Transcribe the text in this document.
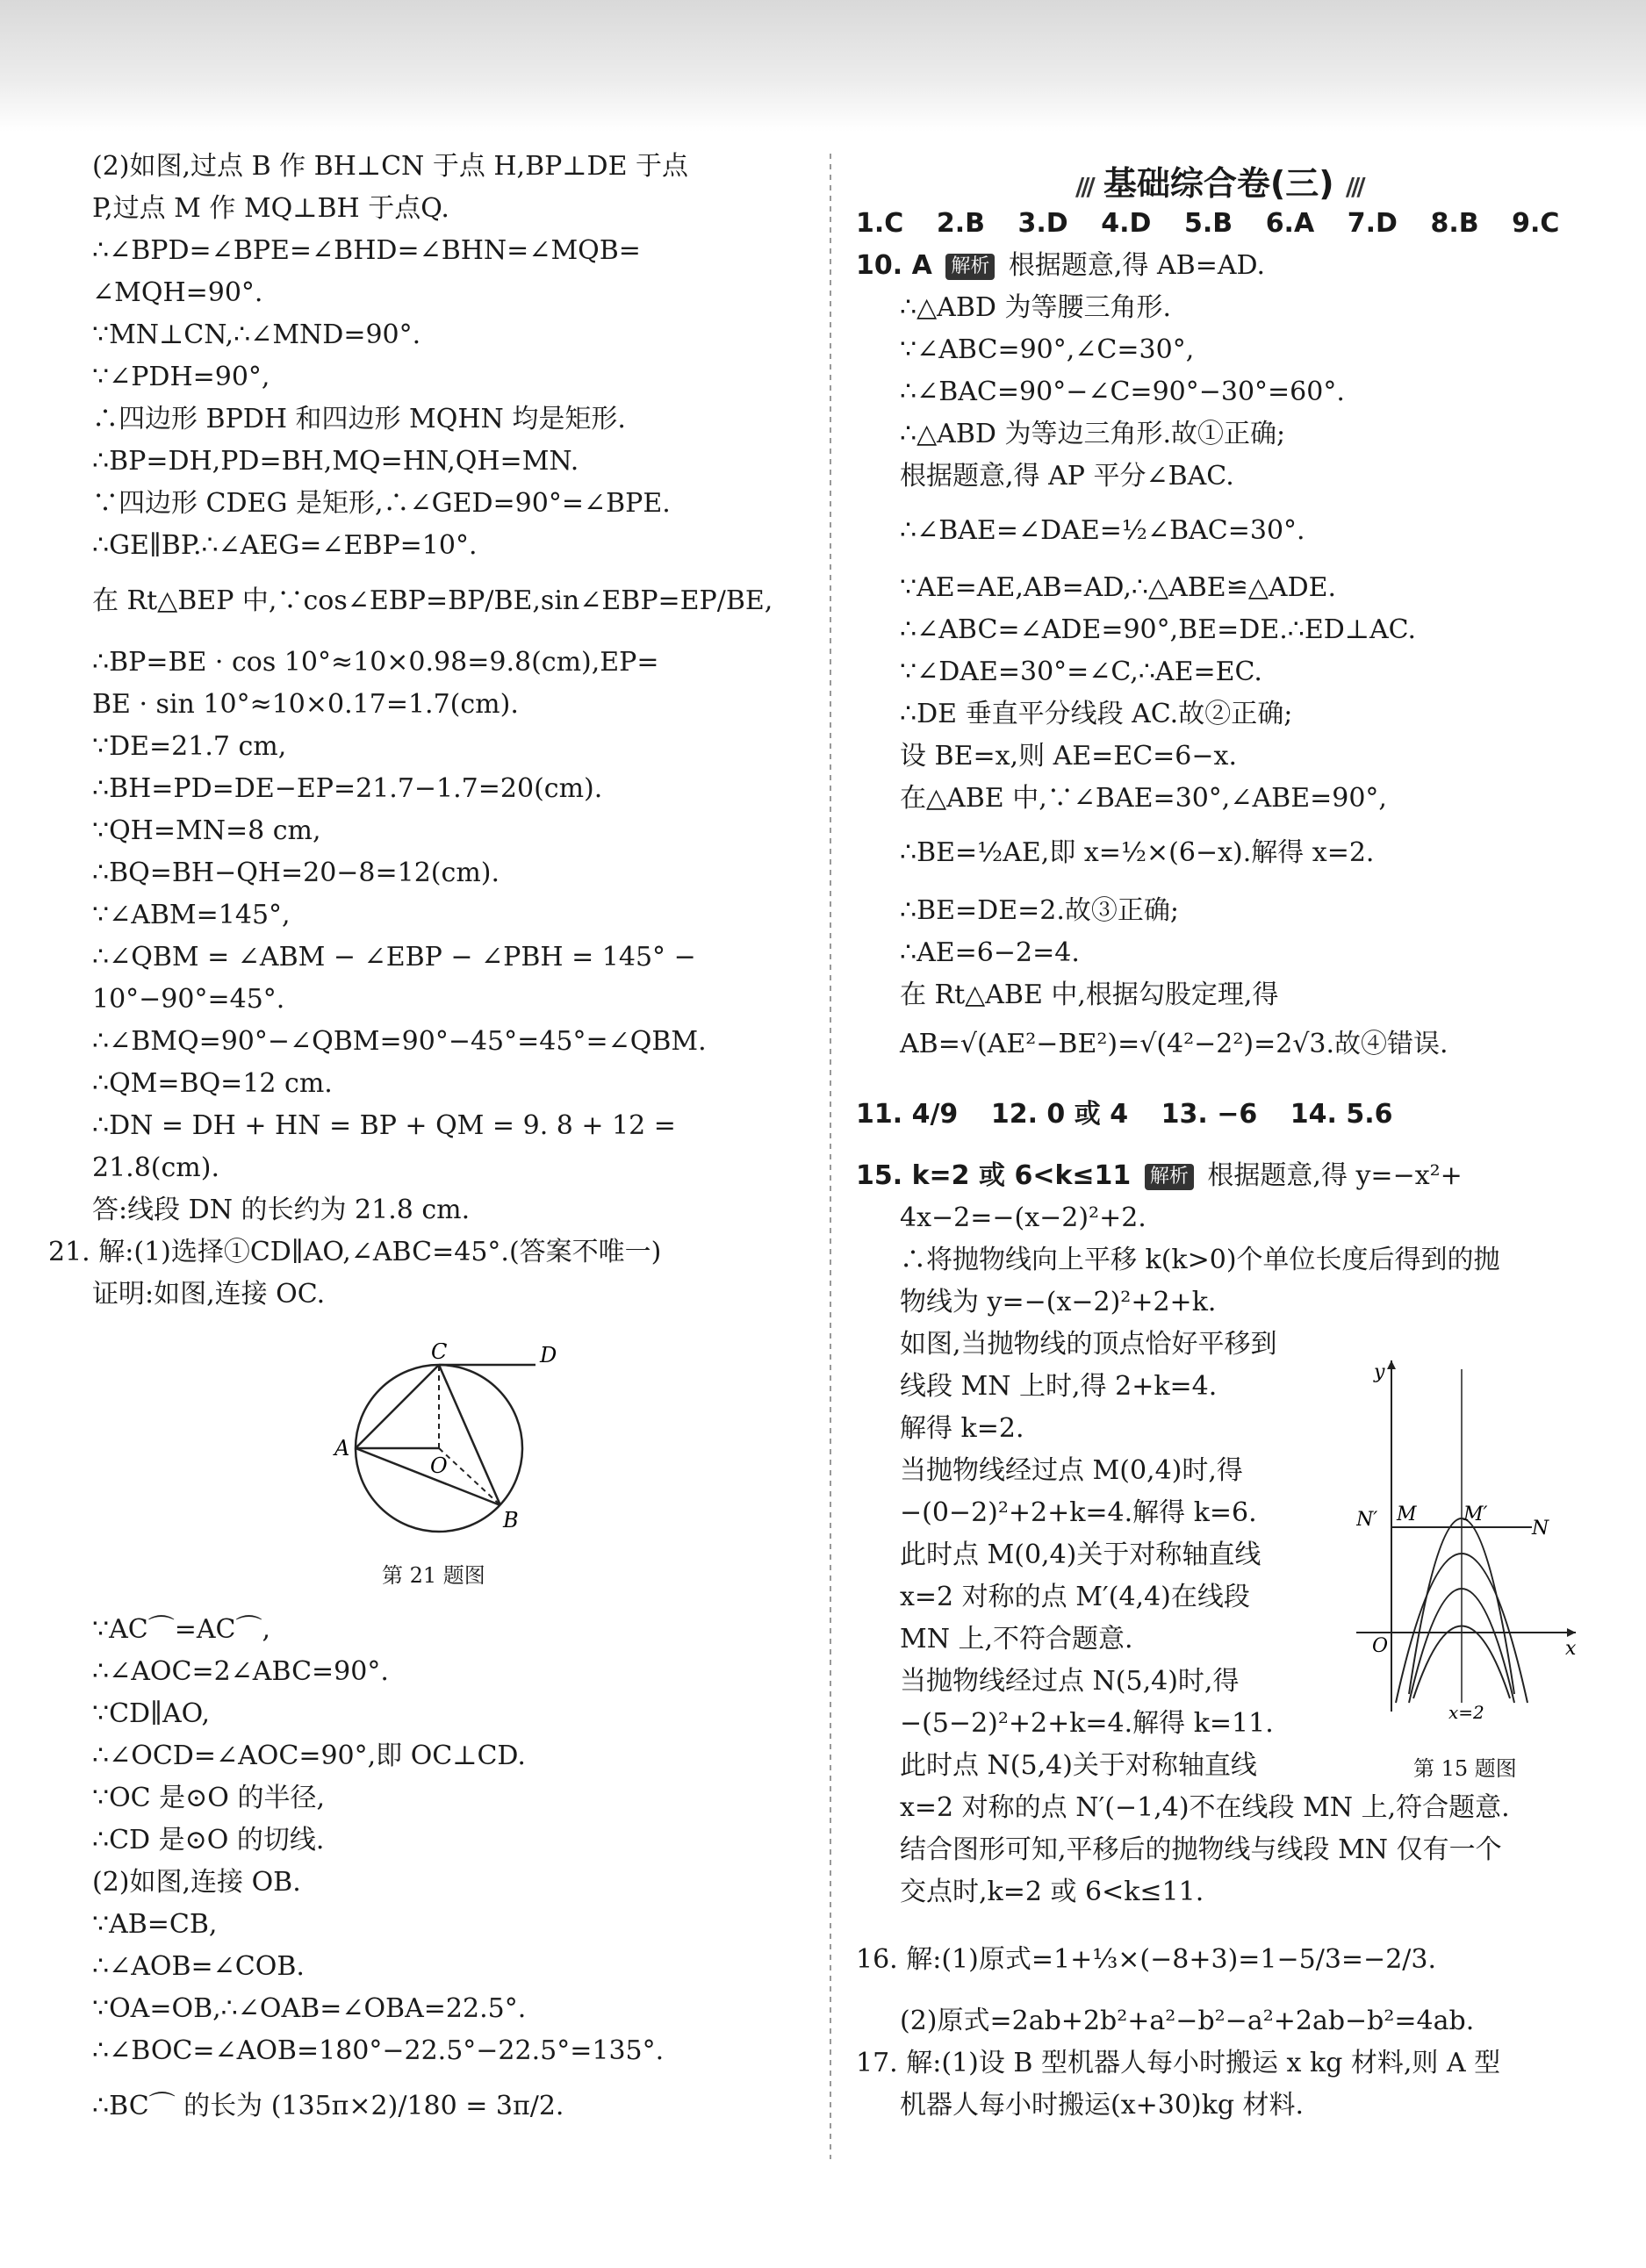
(2)如图,过点 B 作 BH⊥CN 于点 H,BP⊥DE 于点
P,过点 M 作 MQ⊥BH 于点Q.
∴∠BPD=∠BPE=∠BHD=∠BHN=∠MQB=
∠MQH=90°.
∵MN⊥CN,∴∠MND=90°.
∵∠PDH=90°,
∴四边形 BPDH 和四边形 MQHN 均是矩形.
∴BP=DH,PD=BH,MQ=HN,QH=MN.
∵四边形 CDEG 是矩形,∴∠GED=90°=∠BPE.
∴GE∥BP.∴∠AEG=∠EBP=10°.
在 Rt△BEP 中,∵cos∠EBP=BP/BE,sin∠EBP=EP/BE,
∴BP=BE · cos 10°≈10×0.98=9.8(cm),EP=
BE · sin 10°≈10×0.17=1.7(cm).
∵DE=21.7 cm,
∴BH=PD=DE−EP=21.7−1.7=20(cm).
∵QH=MN=8 cm,
∴BQ=BH−QH=20−8=12(cm).
∵∠ABM=145°,
∴∠QBM = ∠ABM − ∠EBP − ∠PBH = 145° −
10°−90°=45°.
∴∠BMQ=90°−∠QBM=90°−45°=45°=∠QBM.
∴QM=BQ=12 cm.
∴DN = DH + HN = BP + QM = 9. 8 + 12 =
21.8(cm).
答:线段 DN 的长约为 21.8 cm.
21. 解:(1)选择①CD∥AO,∠ABC=45°.(答案不唯一)
证明:如图,连接 OC.
C	D
A
O
B
第 21 题图
∵AC⌒=AC⌒,
∴∠AOC=2∠ABC=90°.
∵CD∥AO,
∴∠OCD=∠AOC=90°,即 OC⊥CD.
∵OC 是⊙O 的半径,
∴CD 是⊙O 的切线.
(2)如图,连接 OB.
∵AB=CB,
∴∠AOB=∠COB.
∵OA=OB,∴∠OAB=∠OBA=22.5°.
∴∠BOC=∠AOB=180°−22.5°−22.5°=135°.
∴BC⌒ 的长为 (135π×2)/180 = 3π/2.
/// 基础综合卷(三) ///
1.C 2.B 3.D 4.D 5.B 6.A 7.D 8.B 9.C
10. A 解析 根据题意,得 AB=AD.
∴△ABD 为等腰三角形.
∵∠ABC=90°,∠C=30°,
∴∠BAC=90°−∠C=90°−30°=60°.
∴△ABD 为等边三角形.故①正确;
根据题意,得 AP 平分∠BAC.
∴∠BAE=∠DAE=½∠BAC=30°.
∵AE=AE,AB=AD,∴△ABE≌△ADE.
∴∠ABC=∠ADE=90°,BE=DE.∴ED⊥AC.
∵∠DAE=30°=∠C,∴AE=EC.
∴DE 垂直平分线段 AC.故②正确;
设 BE=x,则 AE=EC=6−x.
在△ABE 中,∵∠BAE=30°,∠ABE=90°,
∴BE=½AE,即 x=½×(6−x).解得 x=2.
∴BE=DE=2.故③正确;
∴AE=6−2=4.
在 Rt△ABE 中,根据勾股定理,得
AB=√(AE²−BE²)=√(4²−2²)=2√3.故④错误.
11. 4/9 12. 0 或 4 13. −6 14. 5.6
15. k=2 或 6<k≤11 解析 根据题意,得 y=−x²+
4x−2=−(x−2)²+2.
∴将抛物线向上平移 k(k>0)个单位长度后得到的抛
物线为 y=−(x−2)²+2+k.
如图,当抛物线的顶点恰好平移到
线段 MN 上时,得 2+k=4.
解得 k=2.
当抛物线经过点 M(0,4)时,得
−(0−2)²+2+k=4.解得 k=6.
此时点 M(0,4)关于对称轴直线
x=2 对称的点 M′(4,4)在线段
MN 上,不符合题意.
当抛物线经过点 N(5,4)时,得
−(5−2)²+2+k=4.解得 k=11.
此时点 N(5,4)关于对称轴直线
x=2 对称的点 N′(−1,4)不在线段 MN 上,符合题意.
结合图形可知,平移后的抛物线与线段 MN 仅有一个
交点时,k=2 或 6<k≤11.
y
N′ M M′
N
O	x
x=2
第 15 题图
16. 解:(1)原式=1+⅓×(−8+3)=1−5/3=−2/3.
(2)原式=2ab+2b²+a²−b²−a²+2ab−b²=4ab.
17. 解:(1)设 B 型机器人每小时搬运 x kg 材料,则 A 型
机器人每小时搬运(x+30)kg 材料.
